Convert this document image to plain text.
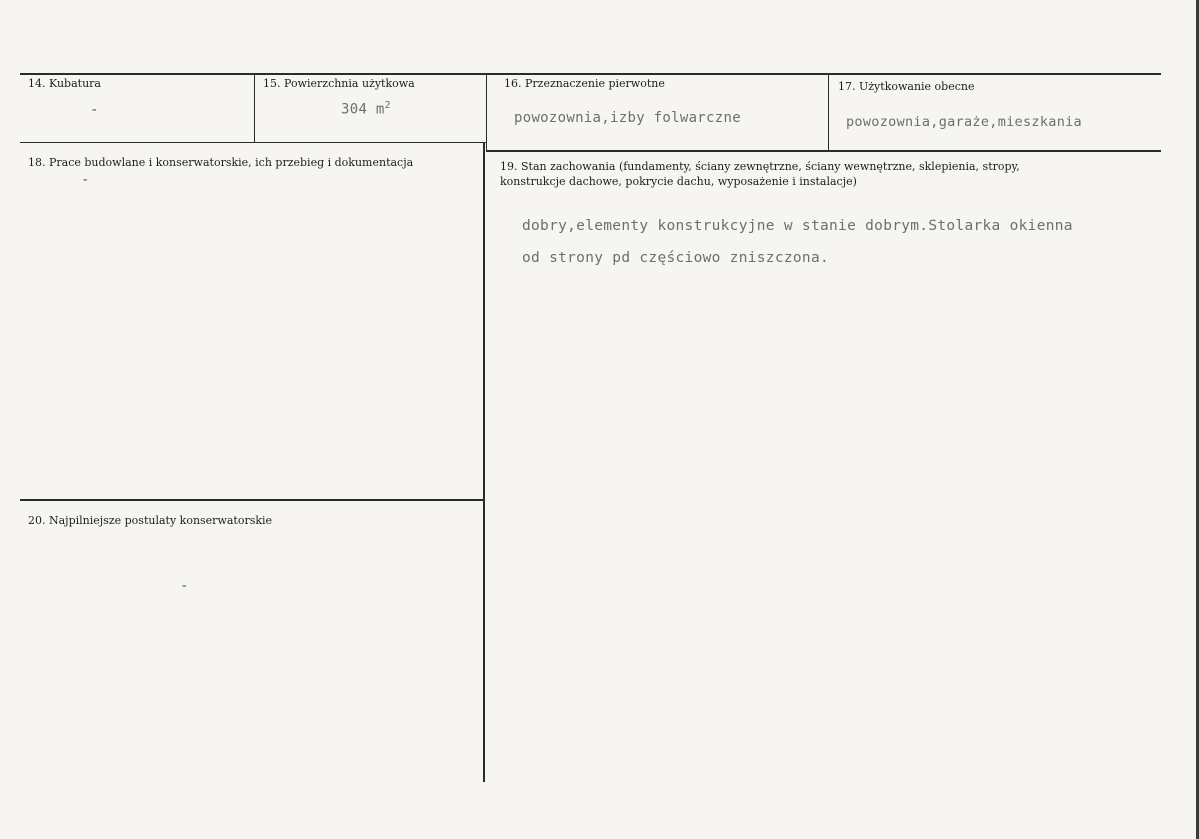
14. Kubatura
-
15. Powierzchnia użytkowa
304 $m^2$
16. Przeznaczenie pierwotne
powozownia,izby folwarczne
17. Użytkowanie obecne
powozownia,garaże,mieszkania
18. Prace budowlane i konserwatorskie, ich przebieg i dokumentacja
-
19. Stan zachowania (fundamenty, ściany zewnętrzne, ściany wewnętrzne, sklepienia, stropy,
konstrukcje dachowe, pokrycie dachu, wyposażenie i instalacje)
dobry,elementy konstrukcyjne w stanie dobrym.Stolarka okienna
od strony pd częściowo zniszczona.
20. Najpilniejsze postulaty konserwatorskie
-
